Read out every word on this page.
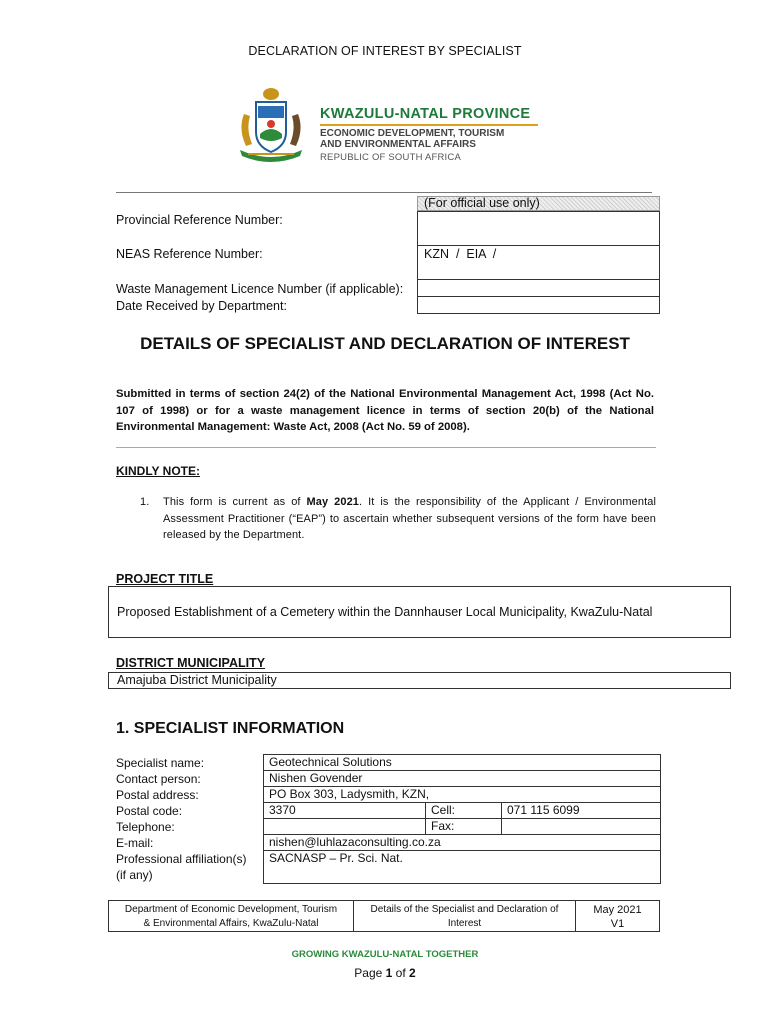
DECLARATION OF INTEREST BY SPECIALIST
KWAZULU-NATAL PROVINCE
ECONOMIC DEVELOPMENT, TOURISM
AND ENVIRONMENTAL AFFAIRS
REPUBLIC OF SOUTH AFRICA
(For official use only)
KZN  /  EIA  /
Provincial Reference Number:
NEAS Reference Number:
Waste Management Licence Number (if applicable):
Date Received by Department:
DETAILS OF SPECIALIST AND DECLARATION OF INTEREST
Submitted in terms of section 24(2) of the National Environmental Management Act, 1998 (Act No. 107 of 1998) or for a waste management licence in terms of section 20(b) of the National Environmental Management: Waste Act, 2008 (Act No. 59 of 2008).
KINDLY NOTE:
1. This form is current as of May 2021. It is the responsibility of the Applicant / Environmental Assessment Practitioner (“EAP”) to ascertain whether subsequent versions of the form have been released by the Department.
PROJECT TITLE
Proposed Establishment of a Cemetery within the Dannhauser Local Municipality, KwaZulu-Natal
DISTRICT MUNICIPALITY
Amajuba District Municipality
1. SPECIALIST INFORMATION
Specialist name:
Contact person:
Postal address:
Postal code:
Telephone:
E-mail:
Professional affiliation(s)
(if any)
Geotechnical Solutions
Nishen Govender
PO Box 303, Ladysmith, KZN,
3370	Cell:	071 115 6099
Fax:
nishen@luhlazaconsulting.co.za
SACNASP – Pr. Sci. Nat.
Department of Economic Development, Tourism
& Environmental Affairs, KwaZulu-Natal
Details of the Specialist and Declaration of
Interest
May 2021
V1
GROWING KWAZULU-NATAL TOGETHER
Page 1 of 2
